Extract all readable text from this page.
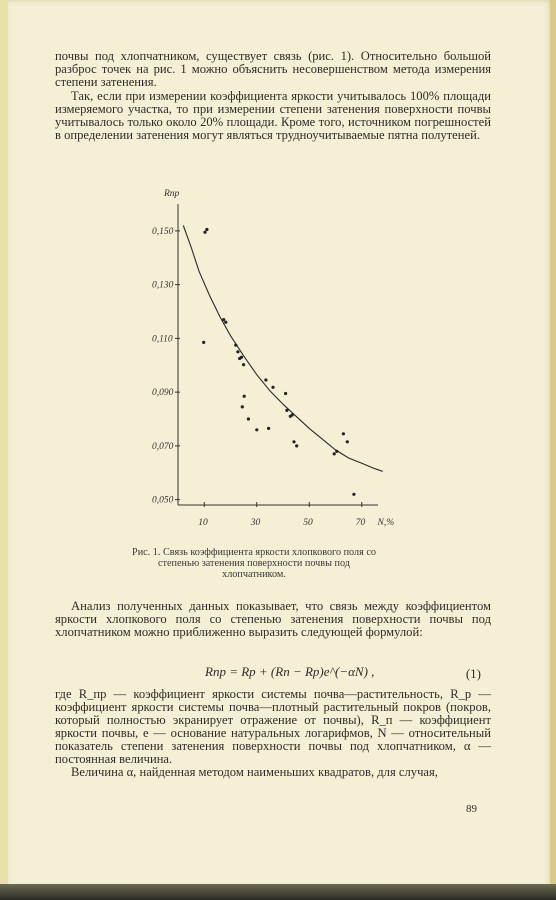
почвы под хлопчатником, существует связь (рис. 1). Относительно большой разброс точек на рис. 1 можно объяснить несовершенством метода измерения степени затенения.

Так, если при измерении коэффициента яркости учитывалось 100% площади измеряемого участка, то при измерении степени затенения поверхности почвы учитывалось только около 20% площади. Кроме того, источником погрешностей в определении затенения могут являться трудноучитываемые пятна полутеней.

Rпр
0,150
0,130
0,110
0,090
0,070
0,050
10	30	50	70 N,%
Рис. 1. Связь коэффициента яркости хлопкового поля со степенью затенения поверхности почвы под хлопчатником.

Анализ полученных данных показывает, что связь между коэффициентом яркости хлопкового поля со степенью затенения поверхности почвы под хлопчатником можно приближенно выразить следующей формулой:

Rпр = Rр + (Rп − Rр)e^(−αN) ,	(1)

где R_пр — коэффициент яркости системы почва—растительность, R_р — коэффициент яркости системы почва—плотный растительный покров (покров, который полностью экранирует отражение от почвы), R_п — коэффициент яркости почвы, e — основание натуральных логарифмов, N — относительный показатель степени затенения поверхности почвы под хлопчатником, α — постоянная величина.

Величина α, найденная методом наименьших квадратов, для случая,

89
